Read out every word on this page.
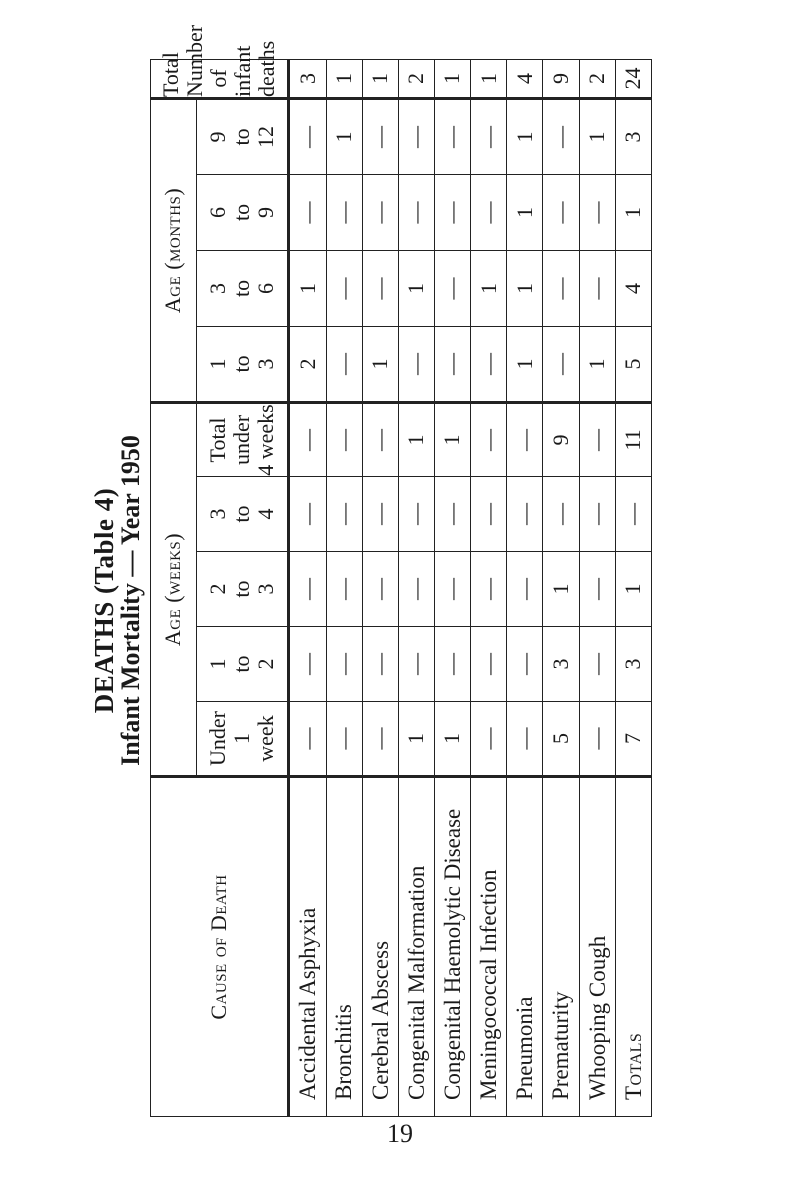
DEATHS (Table 4)
Infant Mortality — Year 1950
Cause of Death	Age (weeks)					Age (months)				Total Number of infant deaths

	Under 1 week	1 to 2	2 to 3	3 to 4	Total under 4 weeks	1 to 3	3 to 6	6 to 9	9 to 12	

Accidental Asphyxia	—	—	—	—	—	2	1	—	—	3
Bronchitis	—	—	—	—	—	—	—	—	1	1
Cerebral Abscess	—	—	—	—	—	1	—	—	—	1
Congenital Malformation	1	—	—	—	1	—	1	—	—	2
Congenital Haemolytic Disease	1	—	—	—	1	—	—	—	—	1
Meningococcal Infection	—	—	—	—	—	—	1	—	—	1
Pneumonia	—	—	—	—	—	1	1	1	1	4
Prematurity	5	3	1	—	9	—	—	—	—	9
Whooping Cough	—	—	—	—	—	1	—	—	1	2
Totals	7	3	1	—	11	5	4	1	3	24
19
